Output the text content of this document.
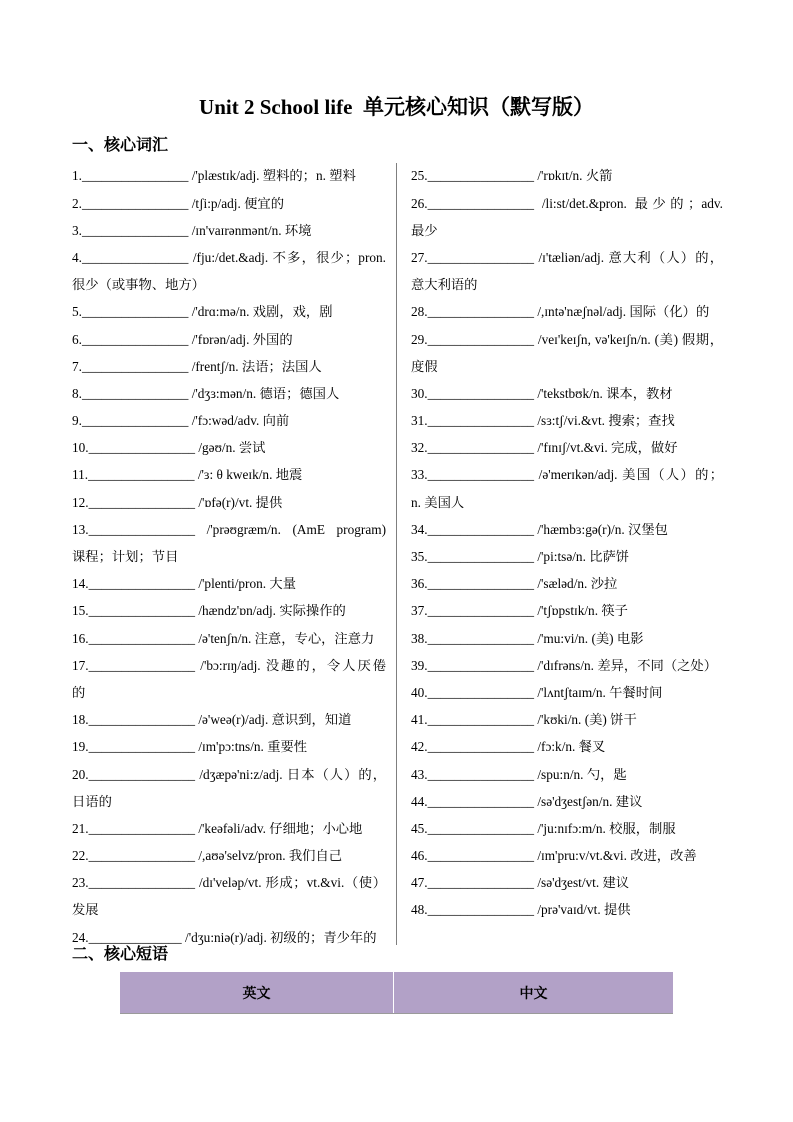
Unit 2 School life  单元核心知识（默写版）
一、核心词汇
1.________________ /'plæstɪk/adj. 塑料的；n. 塑料
2.________________ /tʃi:p/adj. 便宜的
3.________________ /ɪn'vaɪrənmənt/n. 环境
4.________________ /fju:/det.&adj. 不多，很少；pron.
很少（或事物、地方）
5.________________ /'drɑ:mə/n. 戏剧，戏，剧
6.________________ /'fɒrən/adj. 外国的
7.________________ /frentʃ/n. 法语；法国人
8.________________ /'dʒɜ:mən/n. 德语；德国人
9.________________ /'fɔ:wəd/adv. 向前
10.________________ /gəʊ/n. 尝试
11.________________ /'ɜ: θ kweɪk/n. 地震
12.________________ /'ɒfə(r)/vt. 提供
13.________________ /'prəʊgræm/n. (AmE program)
课程；计划；节目
14.________________ /'plenti/pron. 大量
15.________________ /hændz'ɒn/adj. 实际操作的
16.________________ /ə'tenʃn/n. 注意，专心，注意力
17.________________ /'bɔ:rɪŋ/adj. 没趣的，令人厌倦
的
18.________________ /ə'weə(r)/adj. 意识到，知道
19.________________ /ɪm'pɔ:tns/n. 重要性
20.________________ /dʒæpə'ni:z/adj. 日本（人）的，
日语的
21.________________ /'keəfəli/adv. 仔细地；小心地
22.________________ /,aʊə'selvz/pron. 我们自己
23.________________ /dɪ'veləp/vt. 形成；vt.&vi.（使）
发展
24.______________ /'dʒu:niə(r)/adj. 初级的；青少年的
25.________________ /'rɒkɪt/n. 火箭
26.________________ /li:st/det.&pron. 最少的；adv.
最少
27.________________ /ɪ'tæliən/adj. 意大利（人）的，
意大利语的
28.________________ /,ɪntə'næʃnəl/adj. 国际（化）的
29.________________ /veɪ'keɪʃn, və'keɪʃn/n. (美) 假期，
度假
30.________________ /'tekstbʊk/n. 课本，教材
31.________________ /sɜ:tʃ/vi.&vt. 搜索；查找
32.________________ /'fɪnɪʃ/vt.&vi. 完成，做好
33.________________ /ə'merɪkən/adj. 美国（人）的；
n. 美国人
34.________________ /'hæmbɜ:gə(r)/n. 汉堡包
35.________________ /'pi:tsə/n. 比萨饼
36.________________ /'sæləd/n. 沙拉
37.________________ /'tʃɒpstɪk/n. 筷子
38.________________ /'mu:vi/n. (美) 电影
39.________________ /'dɪfrəns/n. 差异，不同（之处）
40.________________ /'lʌntʃtaɪm/n. 午餐时间
41.________________ /'kʊki/n. (美) 饼干
42.________________ /fɔ:k/n. 餐叉
43.________________ /spu:n/n. 勺，匙
44.________________ /sə'dʒestʃən/n. 建议
45.________________ /'ju:nɪfɔ:m/n. 校服，制服
46.________________ /ɪm'pru:v/vt.&vi. 改进，改善
47.________________ /sə'dʒest/vt. 建议
48.________________ /prə'vaɪd/vt. 提供
二、核心短语
英文	中文
